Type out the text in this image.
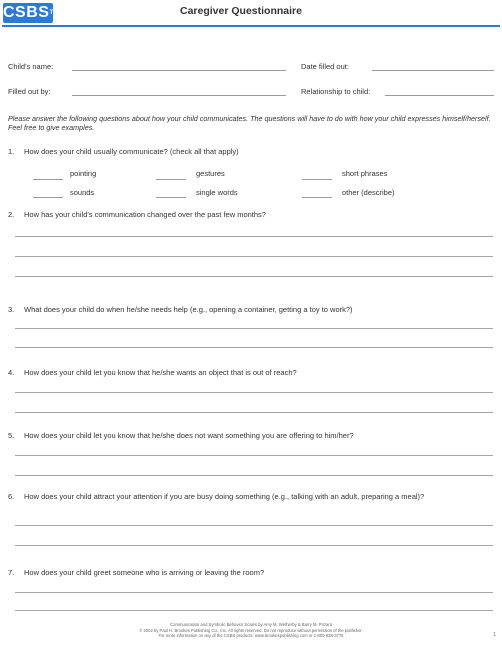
CSBS™	Caregiver Questionnaire
Child's name:	Date filled out:
Filled out by:	Relationship to child:
Please answer the following questions about how your child communicates. The questions will have to do with how your child expresses himself/herself. Feel free to give examples.
1. How does your child usually communicate? (check all that apply)
pointing	gestures	short phrases
sounds	single words	other (describe)
2. How has your child's communication changed over the past few months?
3. What does your child do when he/she needs help (e.g., opening a container, getting a toy to work?)
4. How does your child let you know that he/she wants an object that is out of reach?
5. How does your child let you know that he/she does not want something you are offering to him/her?
6. How does your child attract your attention if you are busy doing something (e.g., talking with an adult, preparing a meal)?
7. How does your child greet someone who is arriving or leaving the room?
Communication and Symbolic Behavior Scales by Amy M. Wetherby & Barry M. Prizant
© 2002 by Paul H. Brookes Publishing Co., Inc. All rights reserved. Do not reproduce without permission of the publisher.
For more information on any of the CSBS products: www.brookespublishing.com or 1-800-638-3775	1
